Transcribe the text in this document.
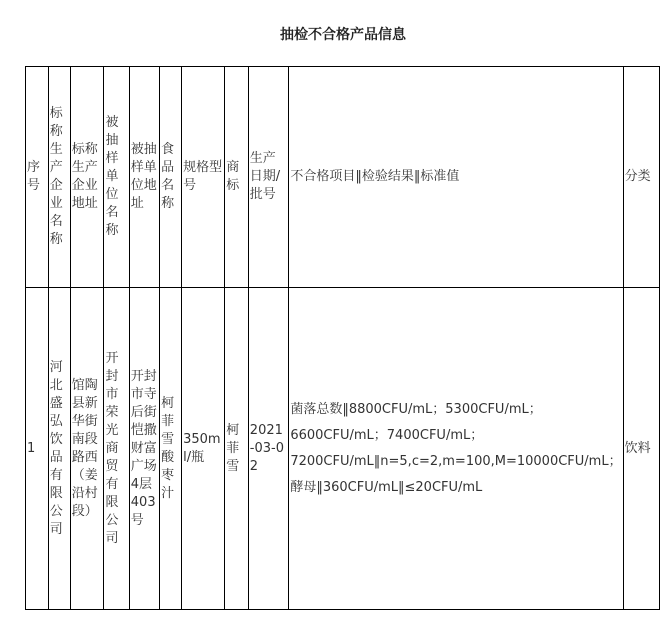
抽检不合格产品信息
序号	标称生产企业名称	标称生产企业地址	被抽样单位名称	被抽样单位地址	食品名称	规格型号	商标	生产日期/批号	不合格项目‖检验结果‖标准值	分类
1	河北盛弘饮品有限公司	馆陶县新华街南段路西（姜沿村段）	开封市荣光商贸有限公司	开封市寺后街恺撒财富广场4层403号	柯菲雪酸枣汁	350ml/瓶	柯菲雪	2021-03-02	菌落总数‖8800CFU/mL；5300CFU/mL；
6600CFU/mL；7400CFU/mL；
7200CFU/mL‖n=5,c=2,m=100,M=10000CFU/mL；
酵母‖360CFU/mL‖≤20CFU/mL	饮料
